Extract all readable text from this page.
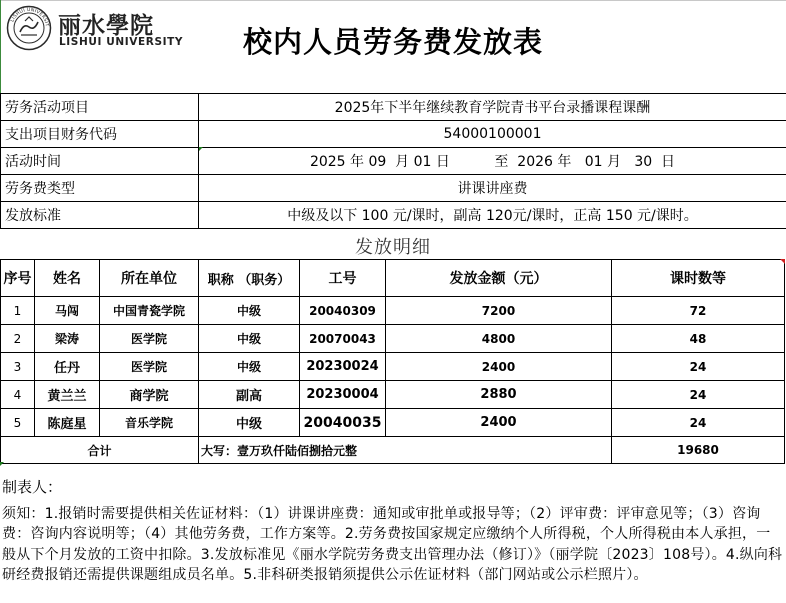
LISHUI UNIVERSIT 丽水學院
LISHUI UNIVERSITY	校内人员劳务费发放表
劳务活动项目	2025年下半年继续教育学院青书平台录播课程课酬
支出项目财务代码	54000100001
活动时间	2025 年 09  月 01 日          至  2026 年   01 月   30  日
劳务费类型	讲课讲座费
发放标准	中级及以下 100 元/课时，副高 120元/课时，正高 150 元/课时。
发放明细
序号	姓名	所在单位	职称 （职务）	工号	发放金额（元）	课时数等
1	马闯	中国青瓷学院	中级	20040309	7200	72
2	梁涛	医学院	中级	20070043	4800	48
3	任丹	医学院	中级	20230024	2400	24
4	黄兰兰	商学院	副高	20230004	2880	24
5	陈庭星	音乐学院	中级	20040035	2400	24
合计			大写：壹万玖仟陆佰捌拾元整			19680
制表人：
须知：1.报销时需要提供相关佐证材料：（1）讲课讲座费：通知或审批单或报导等；（2）评审费：评审意见等；（3）咨询费：咨询内容说明等；（4）其他劳务费，工作方案等。2.劳务费按国家规定应缴纳个人所得税，个人所得税由本人承担，一般从下个月发放的工资中扣除。3.发放标准见《丽水学院劳务费支出管理办法（修订）》（丽学院〔2023〕108号）。4.纵向科研经费报销还需提供课题组成员名单。5.非科研类报销须提供公示佐证材料（部门网站或公示栏照片）。
